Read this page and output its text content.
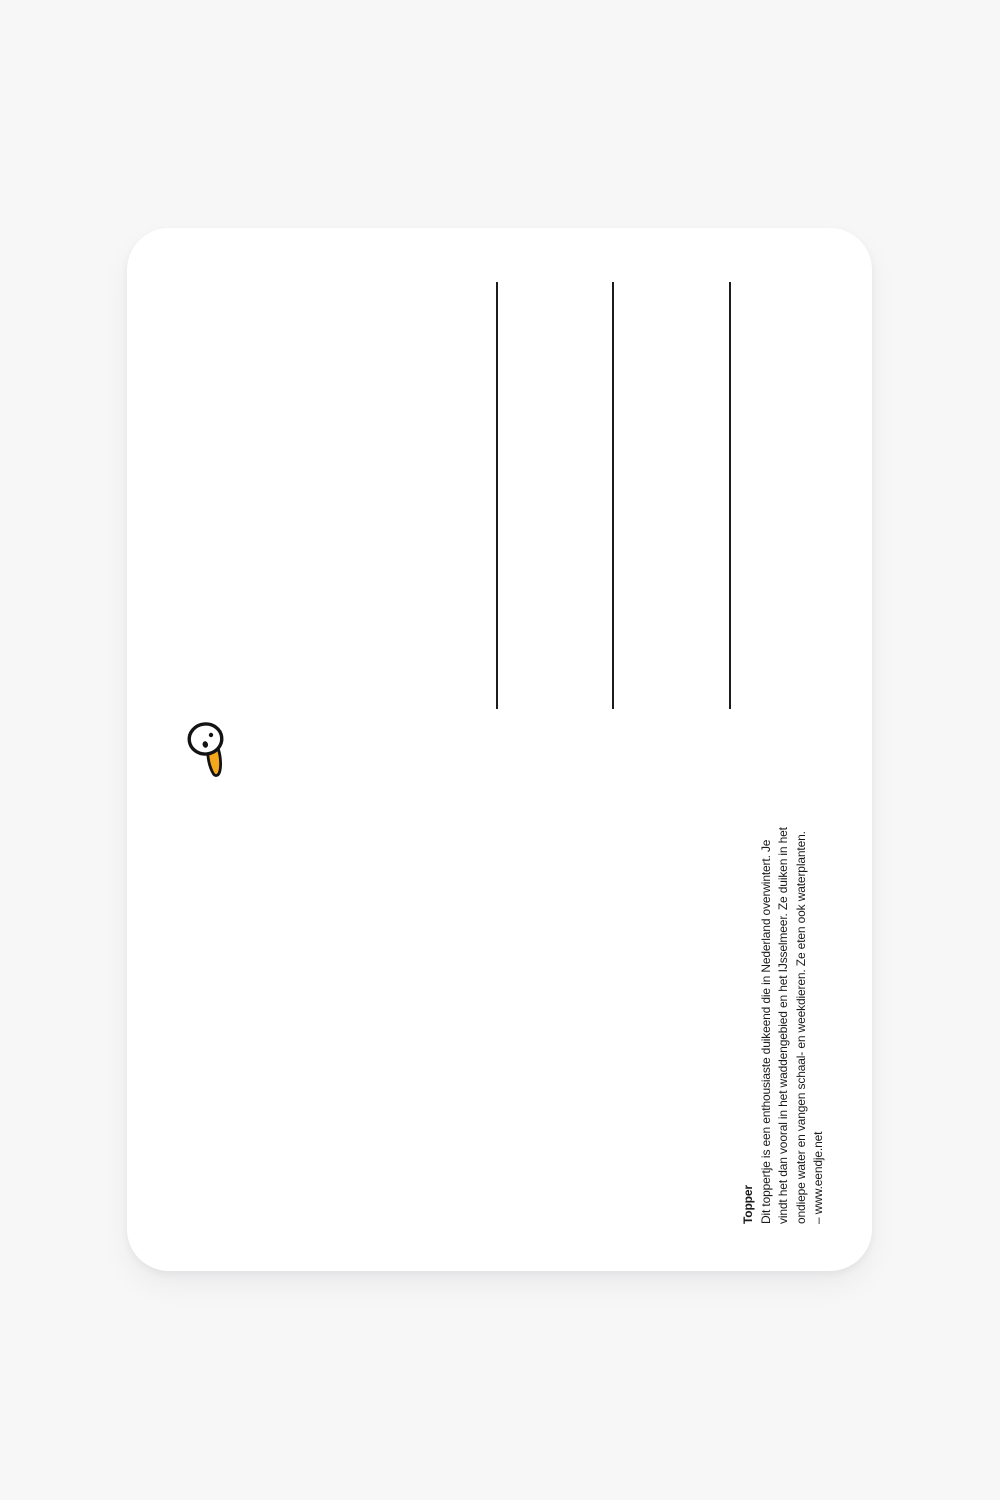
Topper Dit toppertje is een enthousiaste duikeend die in Nederland overwintert. Je vindt het dan vooral in het waddengebied en het IJsselmeer. Ze duiken in het ondiepe water en vangen schaal- en weekdieren. Ze eten ook waterplanten. – www.eendje.net
